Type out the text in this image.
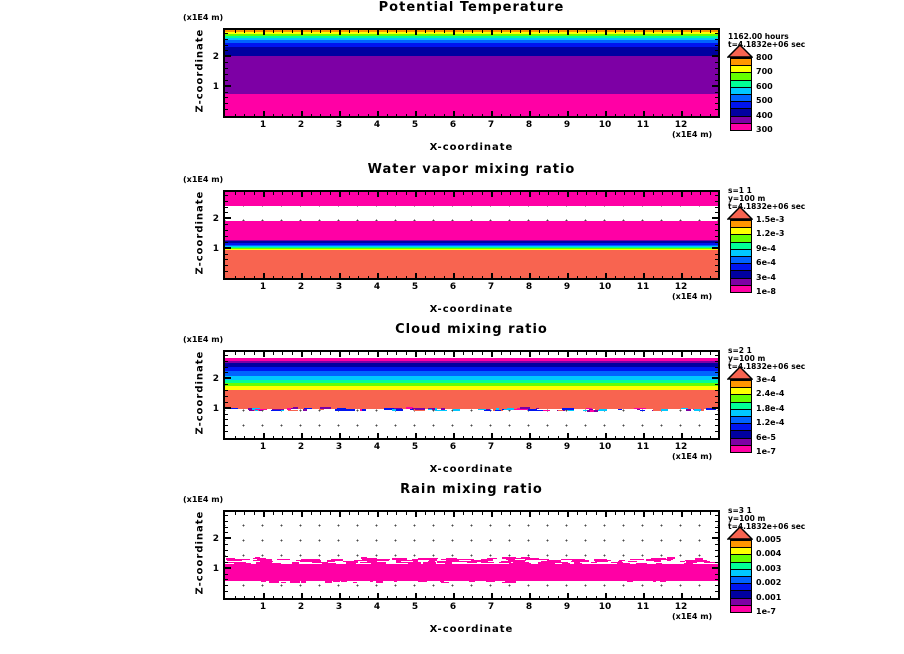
Potential Temperature
(x1E4 m)
1	2	3	4	5	6	7	8	9	10	11	12
(x1E4 m)
X-coordinate
Z-coordinate 1
2
300
400
500
600
700
800
1162.00 hours
t=4.1832e+06 sec
Water vapor mixing ratio
(x1E4 m)
1	2	3	4	5	6	7	8	9	10	11	12
(x1E4 m)
X-coordinate
Z-coordinate 1
2
1e-8
3e-4
6e-4
9e-4
1.2e-3
1.5e-3
s=1 1
y=100 m
t=4.1832e+06 sec
Cloud mixing ratio
(x1E4 m)
1	2	3	4	5	6	7	8	9	10	11	12
(x1E4 m)
X-coordinate
Z-coordinate 1
2
1e-7
6e-5
1.2e-4
1.8e-4
2.4e-4
3e-4
s=2 1
y=100 m
t=4.1832e+06 sec
Rain mixing ratio
(x1E4 m)
1	2	3	4	5	6	7	8	9	10	11	12
(x1E4 m)
X-coordinate
Z-coordinate 1
2
1e-7
0.001
0.002
0.003
0.004
0.005
s=3 1
y=100 m
t=4.1832e+06 sec
